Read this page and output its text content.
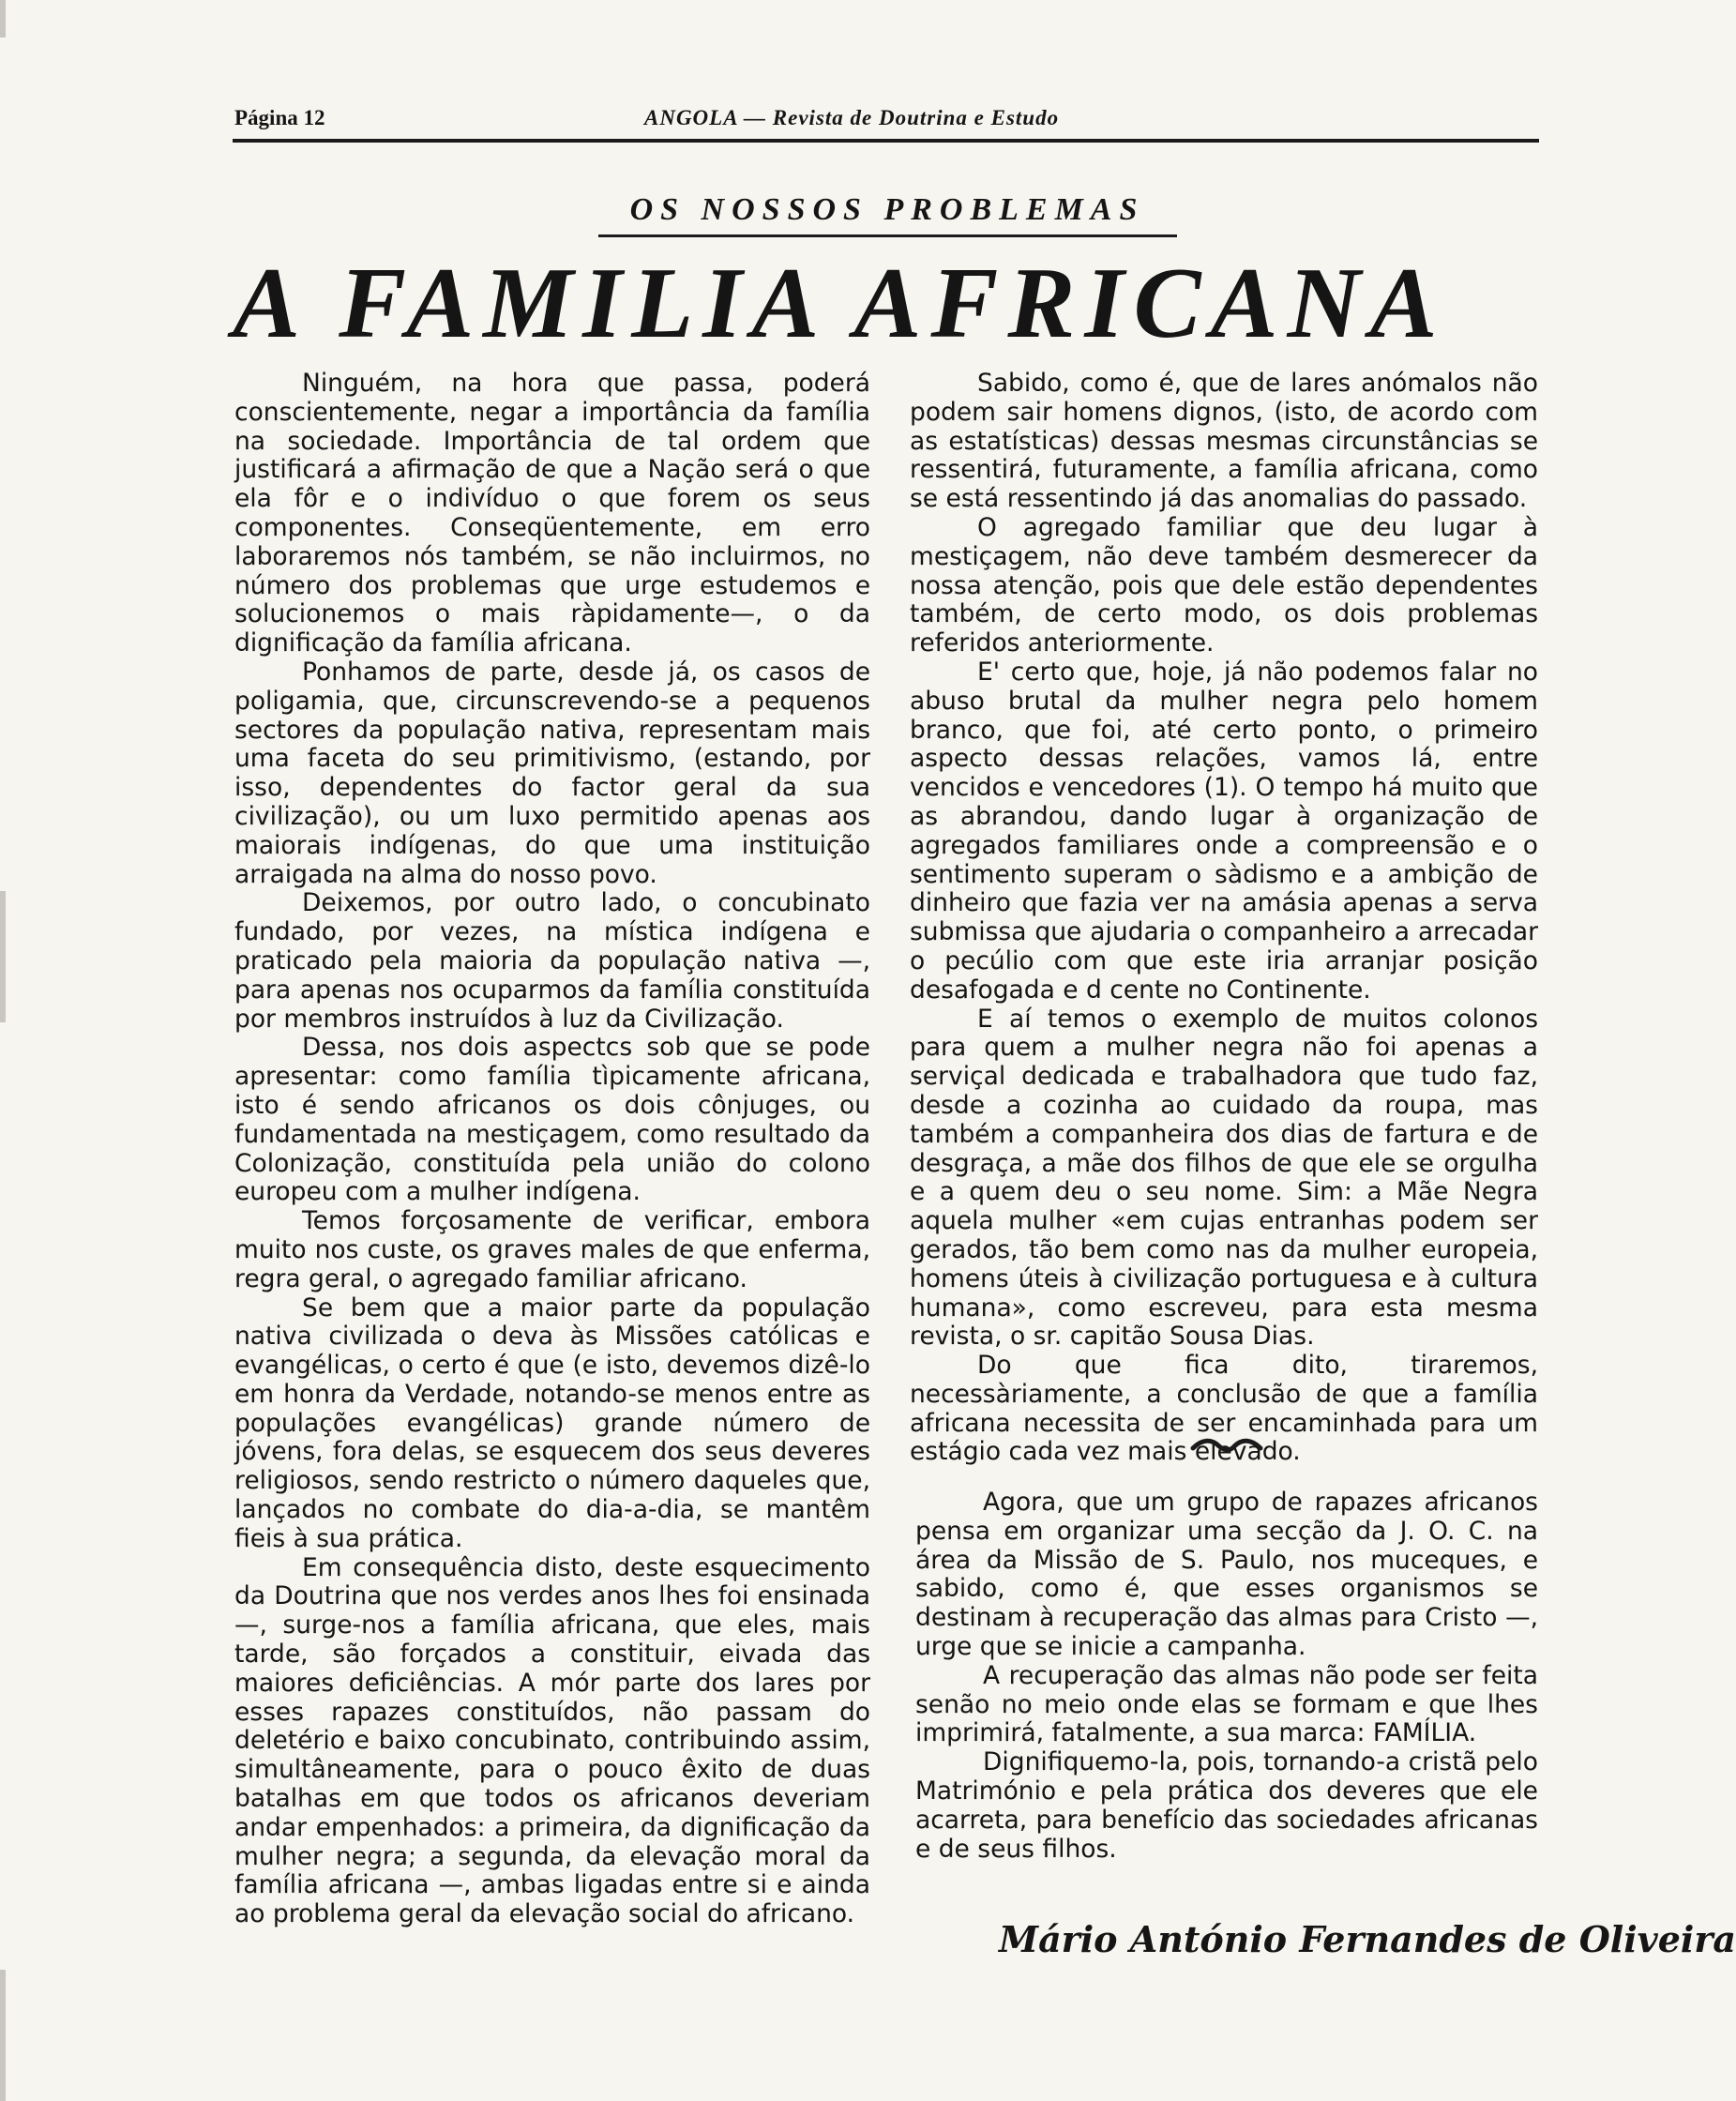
Página 12	ANGOLA — Revista de Doutrina e Estudo
OS NOSSOS PROBLEMAS
A FAMILIA AFRICANA

Ninguém, na hora que passa, poderá conscientemente, negar a importância da família na sociedade. Importância de tal ordem que justificará a afirmação de que a Nação será o que ela fôr e o indivíduo o que forem os seus componentes. Conseqüentemente, em erro laboraremos nós também, se não incluirmos, no número dos problemas que urge estudemos e solucionemos o mais ràpidamente—, o da dignificação da família africana.

Ponhamos de parte, desde já, os casos de poligamia, que, circunscrevendo-se a pequenos sectores da população nativa, representam mais uma faceta do seu primitivismo, (estando, por isso, dependentes do factor geral da sua civilização), ou um luxo permitido apenas aos maiorais indígenas, do que uma instituição arraigada na alma do nosso povo.

Deixemos, por outro lado, o concubinato fundado, por vezes, na mística indígena e praticado pela maioria da população nativa —, para apenas nos ocuparmos da família constituída por membros instruídos à luz da Civilização.

Dessa, nos dois aspectcs sob que se pode apresentar: como família tìpicamente africana, isto é sendo africanos os dois cônjuges, ou fundamentada na mestiçagem, como resultado da Colonização, constituída pela união do colono europeu com a mulher indígena.

Temos forçosamente de verificar, embora muito nos custe, os graves males de que enferma, regra geral, o agregado familiar africano.

Se bem que a maior parte da população nativa civilizada o deva às Missões católicas e evangélicas, o certo é que (e isto, devemos dizê-lo em honra da Verdade, notando-se menos entre as populações evangélicas) grande número de jóvens, fora delas, se esquecem dos seus deveres religiosos, sendo restricto o número daqueles que, lançados no combate do dia-a-dia, se mantêm fieis à sua prática.

Em consequência disto, deste esquecimento da Doutrina que nos verdes anos lhes foi ensinada —, surge-nos a família africana, que eles, mais tarde, são forçados a constituir, eivada das maiores deficiências. A mór parte dos lares por esses rapazes constituídos, não passam do deletério e baixo concubinato, contribuindo assim, simultâneamente, para o pouco êxito de duas batalhas em que todos os africanos deveriam andar empenhados: a primeira, da dignificação da mulher negra; a segunda, da elevação moral da família africana —, ambas ligadas entre si e ainda ao problema geral da elevação social do africano.

Sabido, como é, que de lares anómalos não podem sair homens dignos, (isto, de acordo com as estatísticas) dessas mesmas circunstâncias se ressentirá, futuramente, a família africana, como se está ressentindo já das anomalias do passado.

O agregado familiar que deu lugar à mestiçagem, não deve também desmerecer da nossa atenção, pois que dele estão dependentes também, de certo modo, os dois problemas referidos anteriormente.

E' certo que, hoje, já não podemos falar no abuso brutal da mulher negra pelo homem branco, que foi, até certo ponto, o primeiro aspecto dessas relações, vamos lá, entre vencidos e vencedores (1). O tempo há muito que as abrandou, dando lugar à organização de agregados familiares onde a compreensão e o sentimento superam o sàdismo e a ambição de dinheiro que fazia ver na amásia apenas a serva submissa que ajudaria o companheiro a arrecadar o pecúlio com que este iria arranjar posição desafogada e d cente no Continente.

E aí temos o exemplo de muitos colonos para quem a mulher negra não foi apenas a serviçal dedicada e trabalhadora que tudo faz, desde a cozinha ao cuidado da roupa, mas também a companheira dos dias de fartura e de desgraça, a mãe dos filhos de que ele se orgulha e a quem deu o seu nome. Sim: a Mãe Negra aquela mulher «em cujas entranhas podem ser gerados, tão bem como nas da mulher europeia, homens úteis à civilização portuguesa e à cultura humana», como escreveu, para esta mesma revista, o sr. capitão Sousa Dias.

Do que fica dito, tiraremos, necessàriamente, a conclusão de que a família africana necessita de ser encaminhada para um estágio cada vez mais elevado.

Agora, que um grupo de rapazes africanos pensa em organizar uma secção da J. O. C. na área da Missão de S. Paulo, nos muceques, e sabido, como é, que esses organismos se destinam à recuperação das almas para Cristo —, urge que se inicie a campanha.

A recuperação das almas não pode ser feita senão no meio onde elas se formam e que lhes imprimirá, fatalmente, a sua marca: FAMÍLIA.

Dignifiquemo-la, pois, tornando-a cristã pelo Matrimónio e pela prática dos deveres que ele acarreta, para benefício das sociedades africanas e de seus filhos.

Mário António Fernandes de Oliveira
